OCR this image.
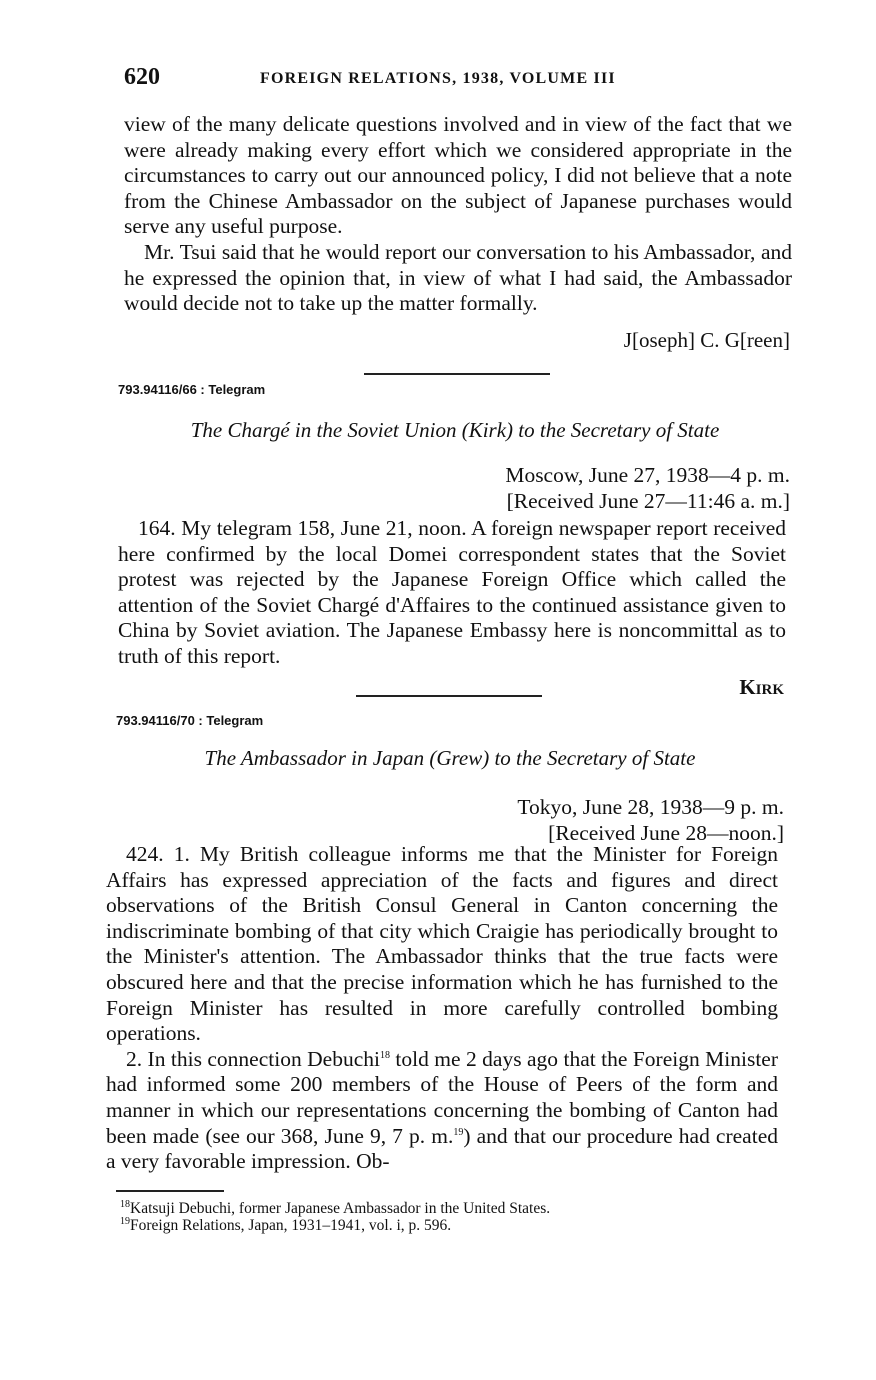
620	FOREIGN RELATIONS, 1938, VOLUME III

view of the many delicate questions involved and in view of the fact that we were already making every effort which we considered appropriate in the circumstances to carry out our announced policy, I did not believe that a note from the Chinese Ambassador on the subject of Japanese purchases would serve any useful purpose.

Mr. Tsui said that he would report our conversation to his Ambassador, and he expressed the opinion that, in view of what I had said, the Ambassador would decide not to take up the matter formally.

J[oseph] C. G[reen]
793.94116/66 : Telegram
The Chargé in the Soviet Union (Kirk) to the Secretary of State
Moscow, June 27, 1938—4 p. m.
[Received June 27—11:46 a. m.]
164. My telegram 158, June 21, noon. A foreign newspaper report received here confirmed by the local Domei correspondent states that the Soviet protest was rejected by the Japanese Foreign Office which called the attention of the Soviet Chargé d'Affaires to the continued assistance given to China by Soviet aviation. The Japanese Embassy here is noncommittal as to truth of this report.
Kirk
793.94116/70 : Telegram
The Ambassador in Japan (Grew) to the Secretary of State
Tokyo, June 28, 1938—9 p. m.
[Received June 28—noon.]

424. 1. My British colleague informs me that the Minister for Foreign Affairs has expressed appreciation of the facts and figures and direct observations of the British Consul General in Canton concerning the indiscriminate bombing of that city which Craigie has periodically brought to the Minister's attention. The Ambassador thinks that the true facts were obscured here and that the precise information which he has furnished to the Foreign Minister has resulted in more carefully controlled bombing operations.

2. In this connection Debuchi$^{18}$ told me 2 days ago that the Foreign Minister had informed some 200 members of the House of Peers of the form and manner in which our representations concerning the bombing of Canton had been made (see our 368, June 9, 7 p. m.$^{19}$) and that our procedure had created a very favorable impression. Ob-

$^{18}$Katsuji Debuchi, former Japanese Ambassador in the United States.
$^{19}$Foreign Relations, Japan, 1931–1941, vol. i, p. 596.
